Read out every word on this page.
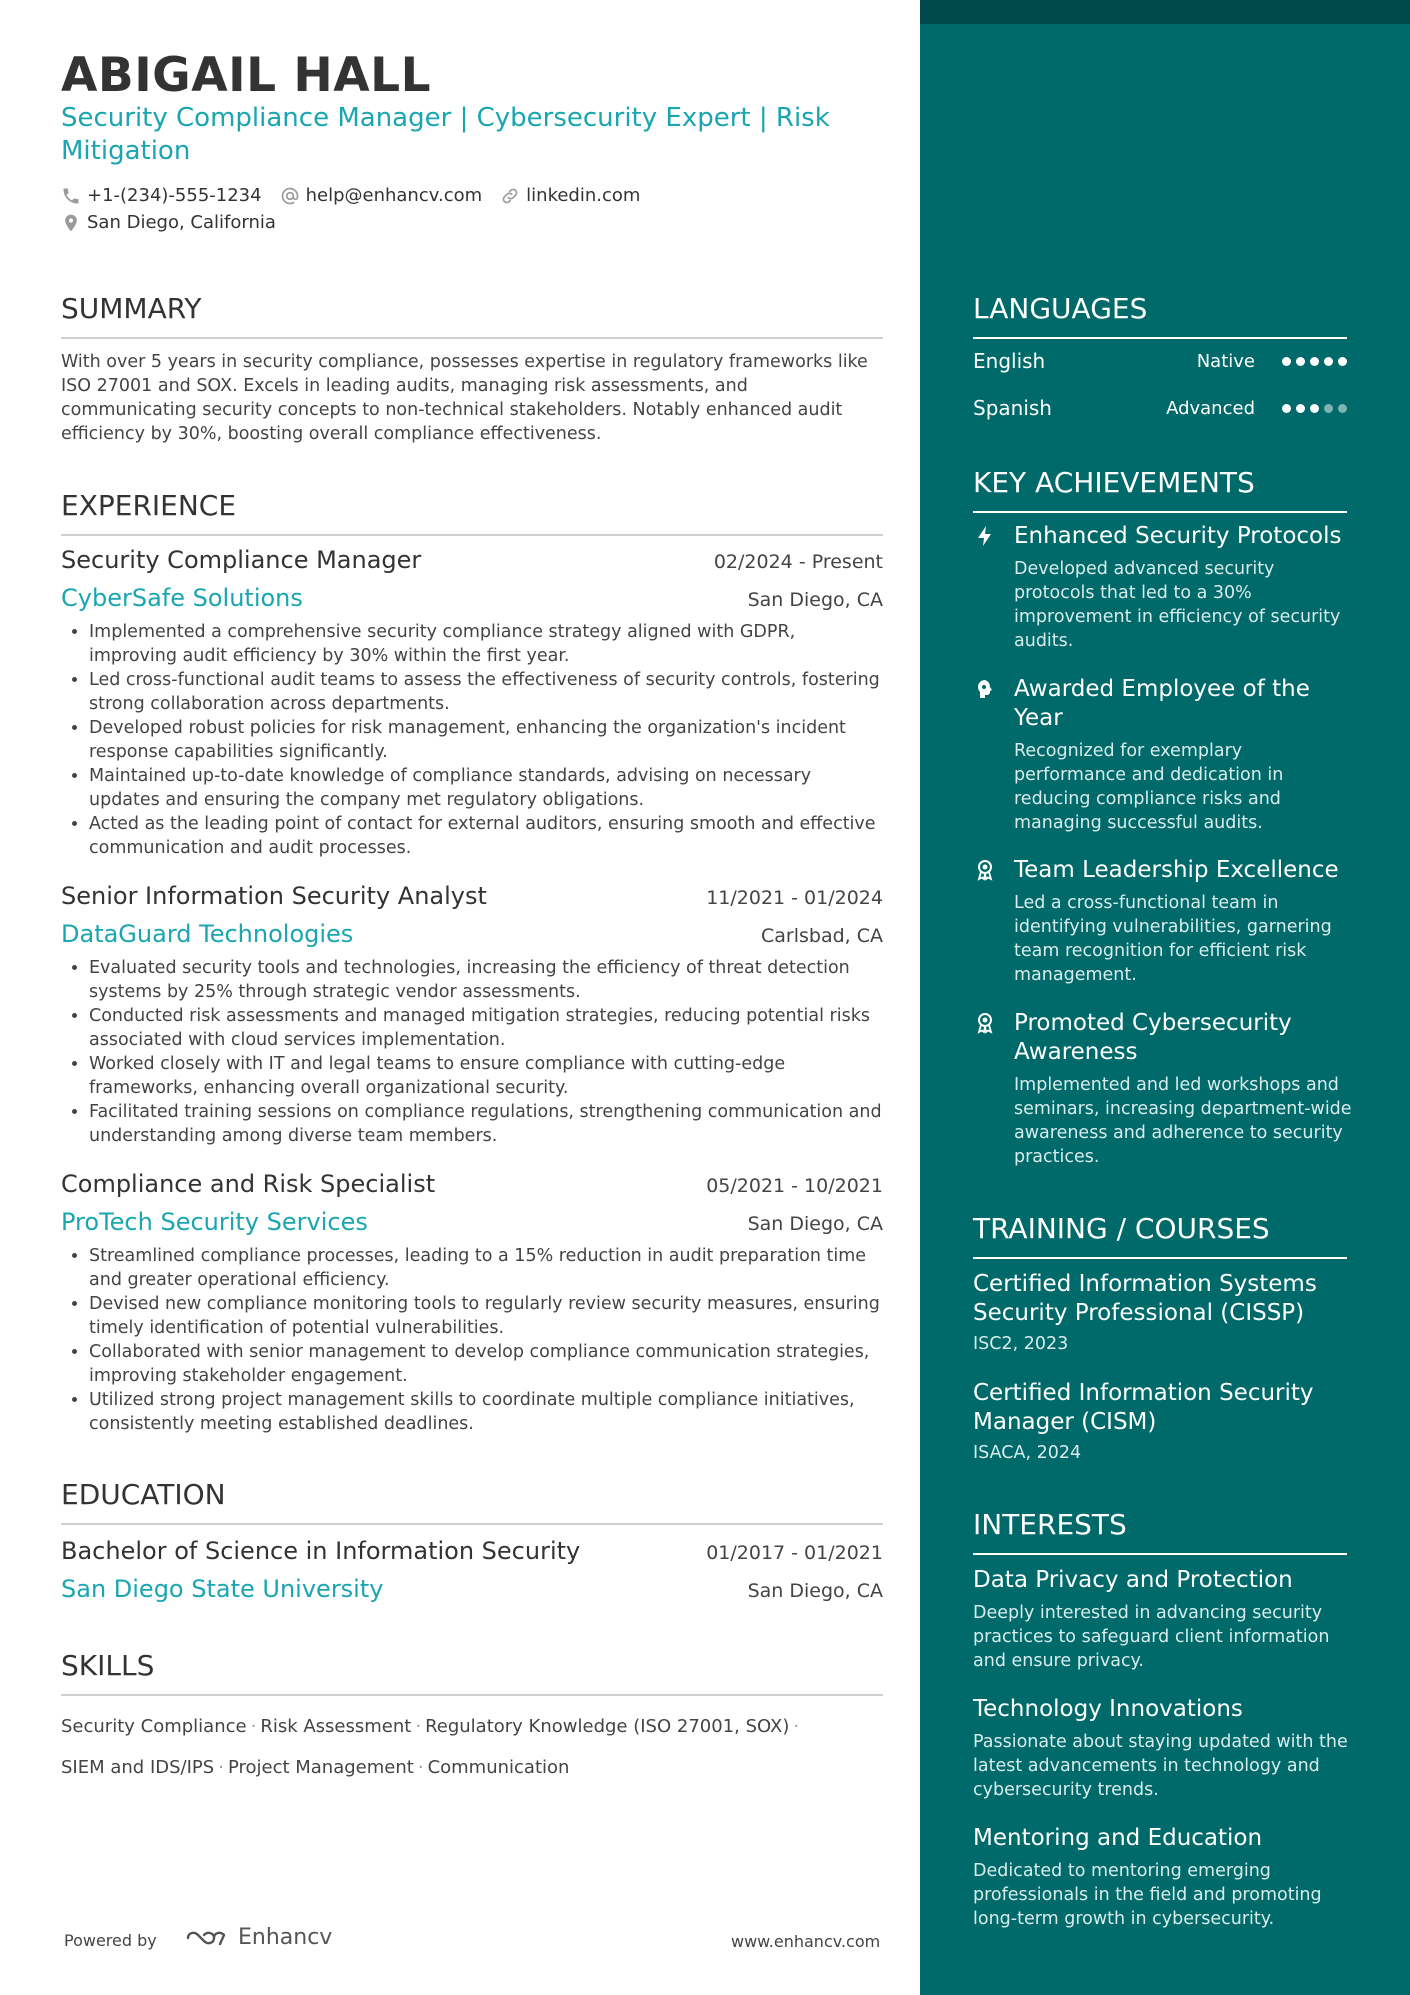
ABIGAIL HALL
Security Compliance Manager | Cybersecurity Expert | Risk Mitigation
+1-(234)-555-1234 help@enhancv.com linkedin.com
San Diego, California
SUMMARY
With over 5 years in security compliance, possesses expertise in regulatory frameworks like ISO 27001 and SOX. Excels in leading audits, managing risk assessments, and communicating security concepts to non-technical stakeholders. Notably enhanced audit efficiency by 30%, boosting overall compliance effectiveness.
EXPERIENCE
Security Compliance Manager	02/2024 - Present
CyberSafe Solutions	San Diego, CA
• Implemented a comprehensive security compliance strategy aligned with GDPR, improving audit efficiency by 30% within the first year.
• Led cross-functional audit teams to assess the effectiveness of security controls, fostering strong collaboration across departments.
• Developed robust policies for risk management, enhancing the organization's incident response capabilities significantly.
• Maintained up-to-date knowledge of compliance standards, advising on necessary updates and ensuring the company met regulatory obligations.
• Acted as the leading point of contact for external auditors, ensuring smooth and effective communication and audit processes.
Senior Information Security Analyst	11/2021 - 01/2024
DataGuard Technologies	Carlsbad, CA
• Evaluated security tools and technologies, increasing the efficiency of threat detection systems by 25% through strategic vendor assessments.
• Conducted risk assessments and managed mitigation strategies, reducing potential risks associated with cloud services implementation.
• Worked closely with IT and legal teams to ensure compliance with cutting-edge frameworks, enhancing overall organizational security.
• Facilitated training sessions on compliance regulations, strengthening communication and understanding among diverse team members.
Compliance and Risk Specialist	05/2021 - 10/2021
ProTech Security Services	San Diego, CA
• Streamlined compliance processes, leading to a 15% reduction in audit preparation time and greater operational efficiency.
• Devised new compliance monitoring tools to regularly review security measures, ensuring timely identification of potential vulnerabilities.
• Collaborated with senior management to develop compliance communication strategies, improving stakeholder engagement.
• Utilized strong project management skills to coordinate multiple compliance initiatives, consistently meeting established deadlines.
EDUCATION
Bachelor of Science in Information Security	01/2017 - 01/2021
San Diego State University	San Diego, CA
SKILLS
Security Compliance · Risk Assessment · Regulatory Knowledge (ISO 27001, SOX) ·
SIEM and IDS/IPS · Project Management · Communication
Powered by	Enhancv	www.enhancv.com
LANGUAGES
English	Native
Spanish	Advanced
KEY ACHIEVEMENTS
Enhanced Security Protocols
Developed advanced security protocols that led to a 30% improvement in efficiency of security audits.
Awarded Employee of the Year
Recognized for exemplary performance and dedication in reducing compliance risks and managing successful audits.
Team Leadership Excellence
Led a cross-functional team in identifying vulnerabilities, garnering team recognition for efficient risk management.
Promoted Cybersecurity Awareness
Implemented and led workshops and seminars, increasing department-wide awareness and adherence to security practices.
TRAINING / COURSES
Certified Information Systems Security Professional (CISSP)
ISC2, 2023
Certified Information Security Manager (CISM)
ISACA, 2024
INTERESTS
Data Privacy and Protection
Deeply interested in advancing security practices to safeguard client information and ensure privacy.
Technology Innovations
Passionate about staying updated with the latest advancements in technology and cybersecurity trends.
Mentoring and Education
Dedicated to mentoring emerging professionals in the field and promoting long-term growth in cybersecurity.
